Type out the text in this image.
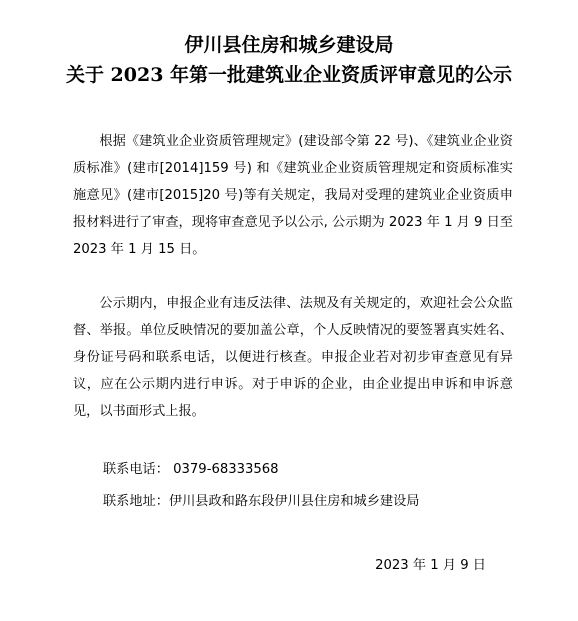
伊川县住房和城乡建设局
关于 2023 年第一批建筑业企业资质评审意见的公示

根据《建筑业企业资质管理规定》(建设部令第 22 号)、《建筑业企业资质标准》(建市[2014]159 号) 和《建筑业企业资质管理规定和资质标准实施意见》(建市[2015]20 号)等有关规定，我局对受理的建筑业企业资质申报材料进行了审查，现将审查意见予以公示, 公示期为 2023 年 1 月 9 日至 2023 年 1 月 15 日。

公示期内，申报企业有违反法律、法规及有关规定的，欢迎社会公众监督、举报。单位反映情况的要加盖公章，个人反映情况的要签署真实姓名、身份证号码和联系电话，以便进行核查。申报企业若对初步审查意见有异议，应在公示期内进行申诉。对于申诉的企业，由企业提出申诉和申诉意见，以书面形式上报。

联系电话： 0379-68333568
联系地址：伊川县政和路东段伊川县住房和城乡建设局
2023 年 1 月 9 日
